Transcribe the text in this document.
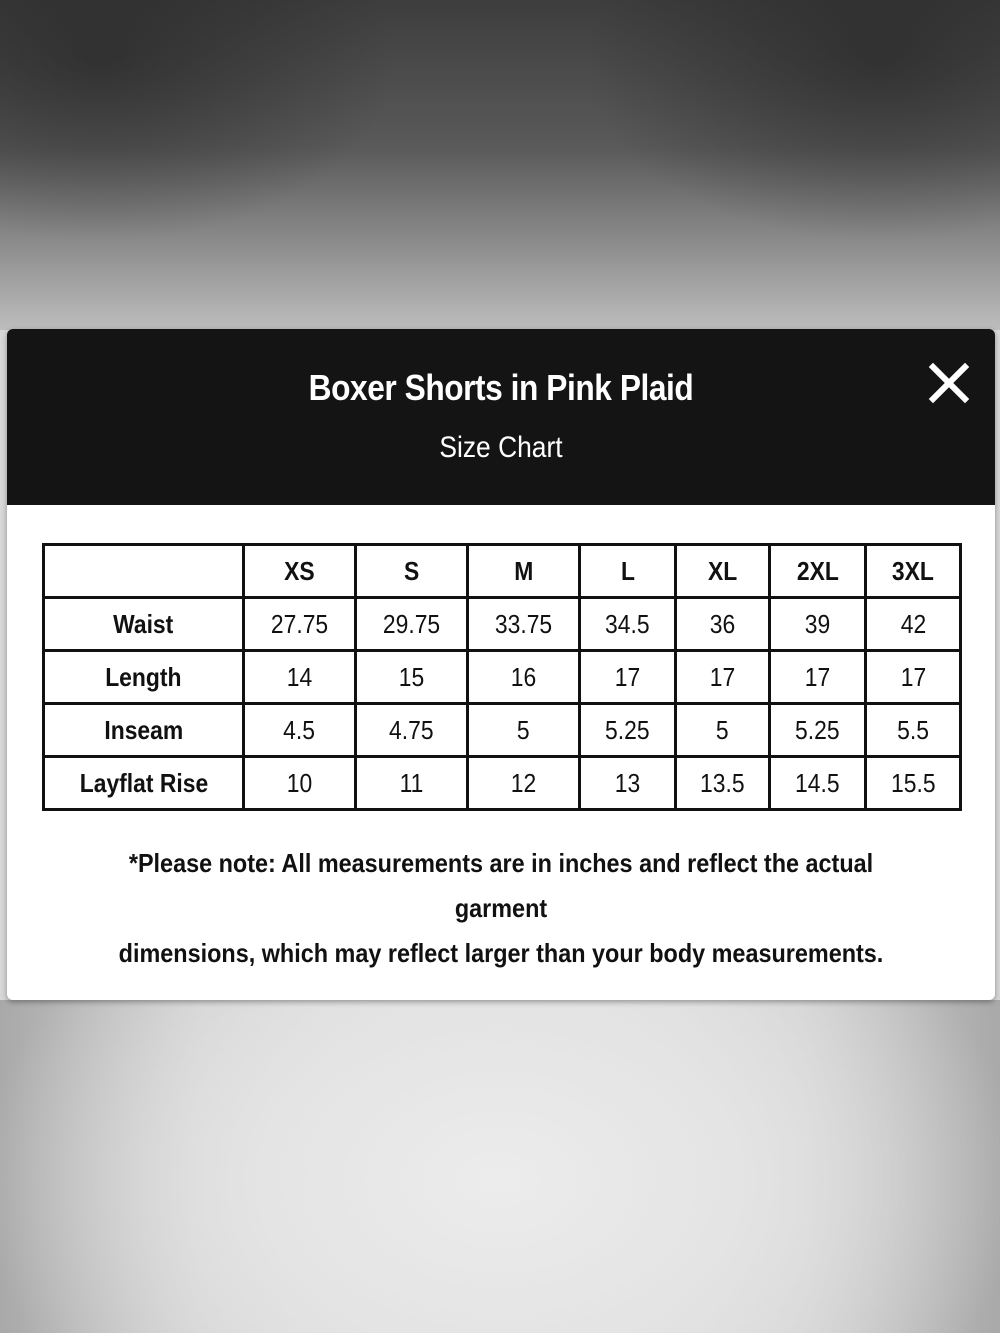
Boxer Shorts in Pink Plaid
Size Chart
	XS	S	M	L	XL	2XL	3XL
Waist	27.75	29.75	33.75	34.5	36	39	42
Length	14	15	16	17	17	17	17
Inseam	4.5	4.75	5	5.25	5	5.25	5.5
Layflat Rise	10	11	12	13	13.5	14.5	15.5
*Please note: All measurements are in inches and reflect the actual garment
dimensions, which may reflect larger than your body measurements.
